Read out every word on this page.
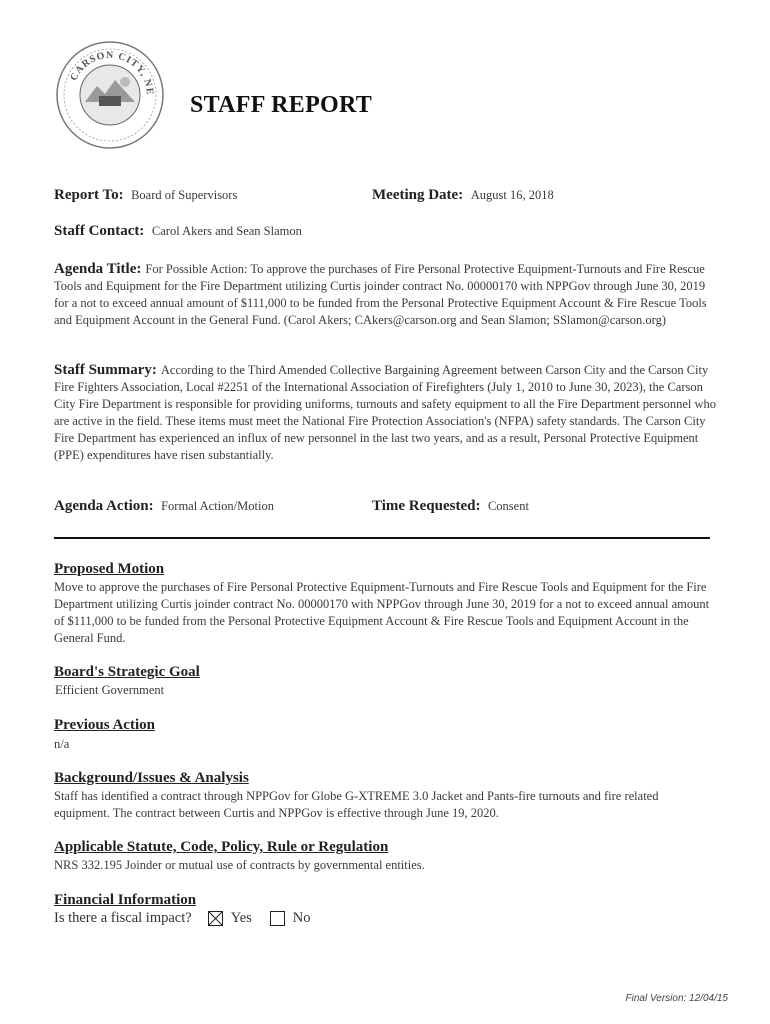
CARSON CITY, NE
STAFF REPORT
Report To: Board of Supervisors	Meeting Date: August 16, 2018
Staff Contact: Carol Akers and Sean Slamon
Agenda Title: For Possible Action: To approve the purchases of Fire Personal Protective Equipment-Turnouts and Fire Rescue Tools and Equipment for the Fire Department utilizing Curtis joinder contract No. 00000170 with NPPGov through June 30, 2019 for a not to exceed annual amount of $111,000 to be funded from the Personal Protective Equipment Account & Fire Rescue Tools and Equipment Account in the General Fund. (Carol Akers; CAkers@carson.org and Sean Slamon; SSlamon@carson.org)
Staff Summary: According to the Third Amended Collective Bargaining Agreement between Carson City and the Carson City Fire Fighters Association, Local #2251 of the International Association of Firefighters (July 1, 2010 to June 30, 2023), the Carson City Fire Department is responsible for providing uniforms, turnouts and safety equipment to all the Fire Department personnel who are active in the field. These items must meet the National Fire Protection Association's (NFPA) safety standards. The Carson City Fire Department has experienced an influx of new personnel in the last two years, and as a result, Personal Protective Equipment (PPE) expenditures have risen substantially.
Agenda Action: Formal Action/Motion	Time Requested: Consent
Proposed Motion
Move to approve the purchases of Fire Personal Protective Equipment-Turnouts and Fire Rescue Tools and Equipment for the Fire Department utilizing Curtis joinder contract No. 00000170 with NPPGov through June 30, 2019 for a not to exceed annual amount of $111,000 to be funded from the Personal Protective Equipment Account & Fire Rescue Tools and Equipment Account in the General Fund.
Board's Strategic Goal
Efficient Government
Previous Action
n/a
Background/Issues & Analysis
Staff has identified a contract through NPPGov for Globe G-XTREME 3.0 Jacket and Pants-fire turnouts and fire related equipment. The contract between Curtis and NPPGov is effective through June 19, 2020.
Applicable Statute, Code, Policy, Rule or Regulation
NRS 332.195 Joinder or mutual use of contracts by governmental entities.
Financial Information
Is there a fiscal impact?	Yes	No
Final Version: 12/04/15
